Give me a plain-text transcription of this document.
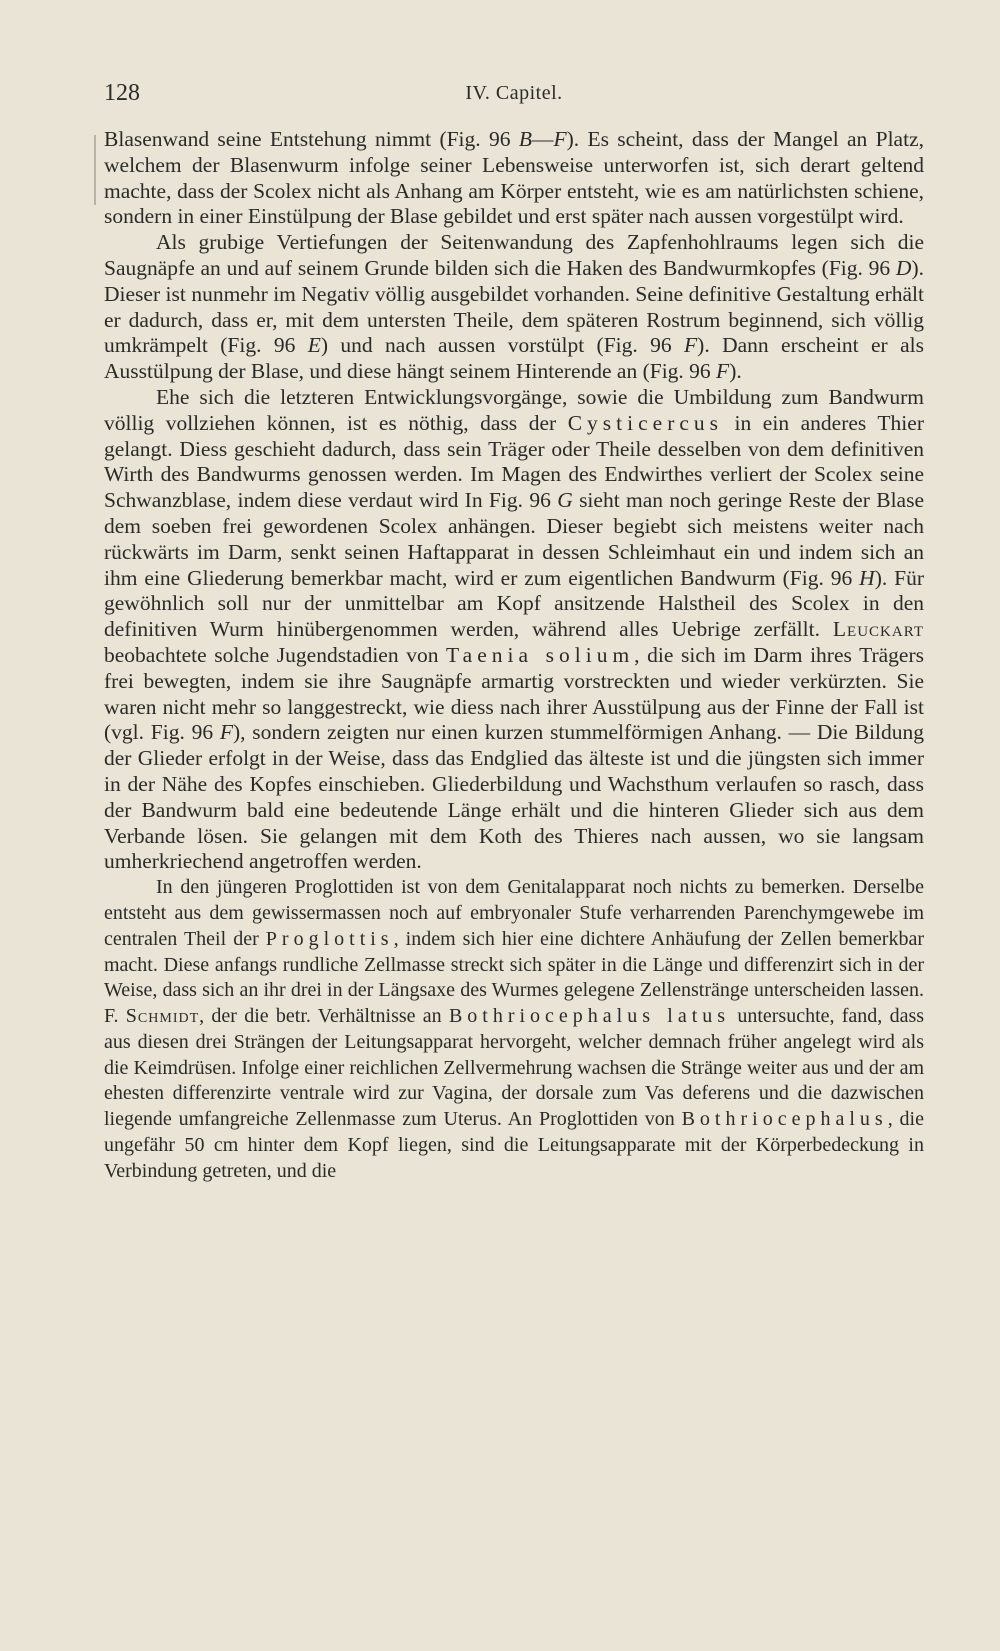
128	IV. Capitel.

Blasenwand seine Entstehung nimmt (Fig. 96 B—F). Es scheint, dass der Mangel an Platz, welchem der Blasenwurm infolge seiner Lebensweise unterworfen ist, sich derart geltend machte, dass der Scolex nicht als Anhang am Körper entsteht, wie es am natürlichsten schiene, sondern in einer Einstülpung der Blase gebildet und erst später nach aussen vorgestülpt wird.

Als grubige Vertiefungen der Seitenwandung des Zapfenhohlraums legen sich die Saugnäpfe an und auf seinem Grunde bilden sich die Haken des Bandwurmkopfes (Fig. 96 D). Dieser ist nunmehr im Negativ völlig ausgebildet vorhanden. Seine definitive Gestaltung erhält er dadurch, dass er, mit dem untersten Theile, dem späteren Rostrum beginnend, sich völlig umkrämpelt (Fig. 96 E) und nach aussen vorstülpt (Fig. 96 F). Dann erscheint er als Ausstülpung der Blase, und diese hängt seinem Hinterende an (Fig. 96 F).

Ehe sich die letzteren Entwicklungsvorgänge, sowie die Umbildung zum Bandwurm völlig vollziehen können, ist es nöthig, dass der Cysticercus in ein anderes Thier gelangt. Diess geschieht dadurch, dass sein Träger oder Theile desselben von dem definitiven Wirth des Bandwurms genossen werden. Im Magen des Endwirthes verliert der Scolex seine Schwanzblase, indem diese verdaut wird In Fig. 96 G sieht man noch geringe Reste der Blase dem soeben frei gewordenen Scolex anhängen. Dieser begiebt sich meistens weiter nach rückwärts im Darm, senkt seinen Haftapparat in dessen Schleimhaut ein und indem sich an ihm eine Gliederung bemerkbar macht, wird er zum eigentlichen Bandwurm (Fig. 96 H). Für gewöhnlich soll nur der unmittelbar am Kopf ansitzende Halstheil des Scolex in den definitiven Wurm hinübergenommen werden, während alles Uebrige zerfällt. Leuckart beobachtete solche Jugendstadien von Taenia solium, die sich im Darm ihres Trägers frei bewegten, indem sie ihre Saugnäpfe armartig vorstreckten und wieder verkürzten. Sie waren nicht mehr so langgestreckt, wie diess nach ihrer Ausstülpung aus der Finne der Fall ist (vgl. Fig. 96 F), sondern zeigten nur einen kurzen stummelförmigen Anhang. — Die Bildung der Glieder erfolgt in der Weise, dass das Endglied das älteste ist und die jüngsten sich immer in der Nähe des Kopfes einschieben. Gliederbildung und Wachsthum verlaufen so rasch, dass der Bandwurm bald eine bedeutende Länge erhält und die hinteren Glieder sich aus dem Verbande lösen. Sie gelangen mit dem Koth des Thieres nach aussen, wo sie langsam umherkriechend angetroffen werden.

In den jüngeren Proglottiden ist von dem Genitalapparat noch nichts zu bemerken. Derselbe entsteht aus dem gewissermassen noch auf embryonaler Stufe verharrenden Parenchymgewebe im centralen Theil der Proglottis, indem sich hier eine dichtere Anhäufung der Zellen bemerkbar macht. Diese anfangs rundliche Zellmasse streckt sich später in die Länge und differenzirt sich in der Weise, dass sich an ihr drei in der Längsaxe des Wurmes gelegene Zellenstränge unterscheiden lassen. F. Schmidt, der die betr. Verhältnisse an Bothriocephalus latus untersuchte, fand, dass aus diesen drei Strängen der Leitungsapparat hervorgeht, welcher demnach früher angelegt wird als die Keimdrüsen. Infolge einer reichlichen Zellvermehrung wachsen die Stränge weiter aus und der am ehesten differenzirte ventrale wird zur Vagina, der dorsale zum Vas deferens und die dazwischen liegende umfangreiche Zellenmasse zum Uterus. An Proglottiden von Bothriocephalus, die ungefähr 50 cm hinter dem Kopf liegen, sind die Leitungsapparate mit der Körperbedeckung in Verbindung getreten, und die
